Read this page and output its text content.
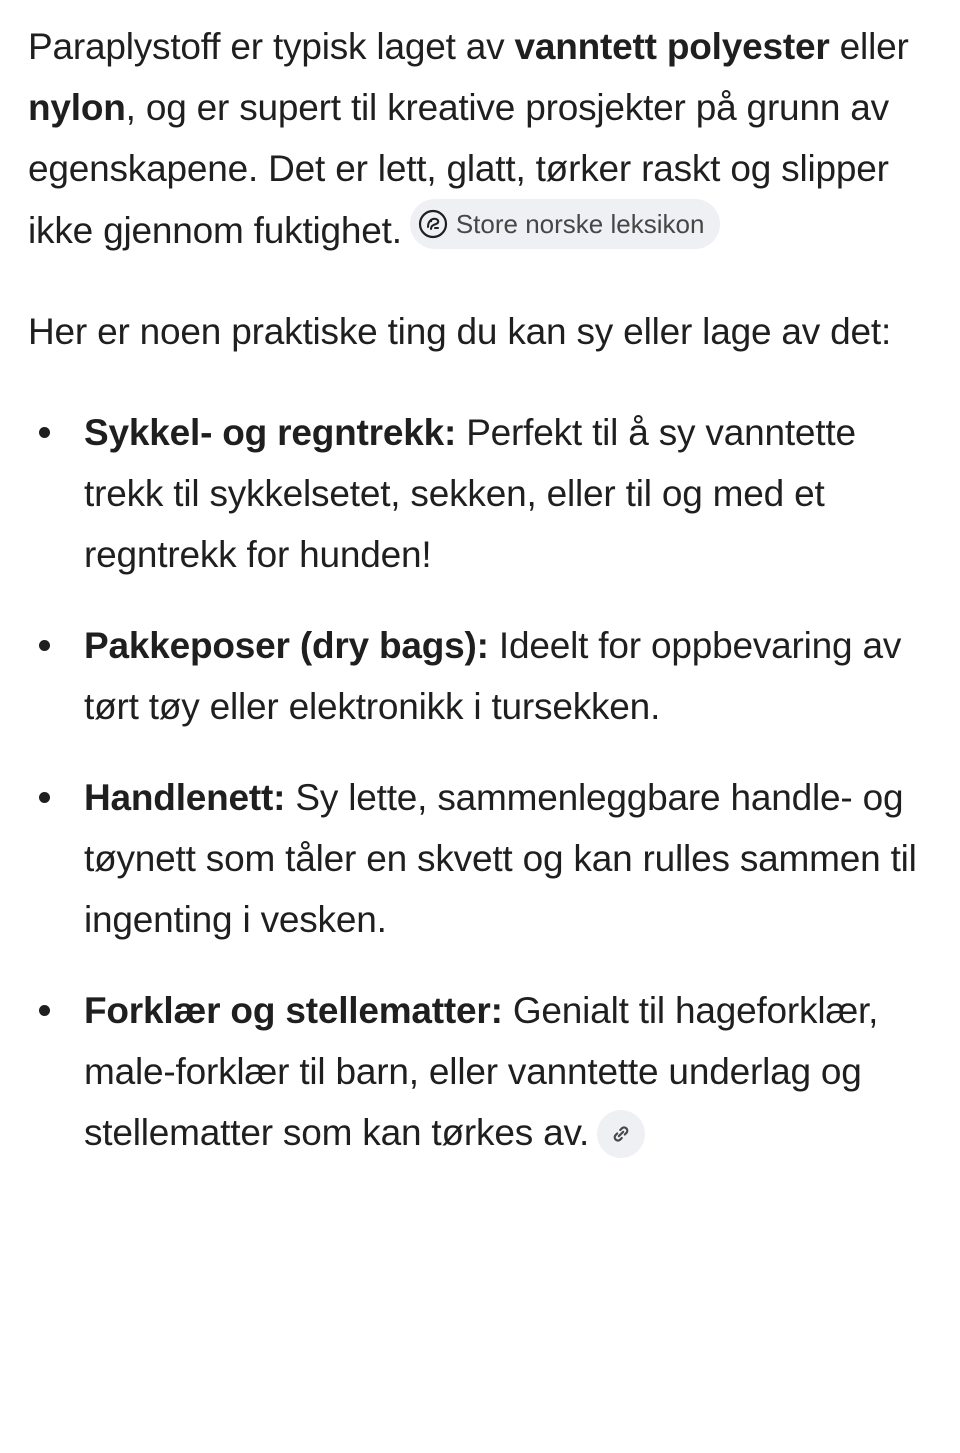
Paraplystoff er typisk laget av vanntett polyester eller nylon, og er supert til kreative prosjekter på grunn av egenskapene. Det er lett, glatt, tørker raskt og slipper ikke gjennom fuktighet. Store norske leksikon

Her er noen praktiske ting du kan sy eller lage av det:

Sykkel- og regntrekk: Perfekt til å sy vanntette trekk til sykkelsetet, sekken, eller til og med et regntrekk for hunden!
Pakkeposer (dry bags): Ideelt for oppbevaring av tørt tøy eller elektronikk i tursekken.
Handlenett: Sy lette, sammenleggbare handle- og tøynett som tåler en skvett og kan rulles sammen til ingenting i vesken.
Forklær og stellematter: Genialt til hageforklær, male-forklær til barn, eller vanntette underlag og stellematter som kan tørkes av.
